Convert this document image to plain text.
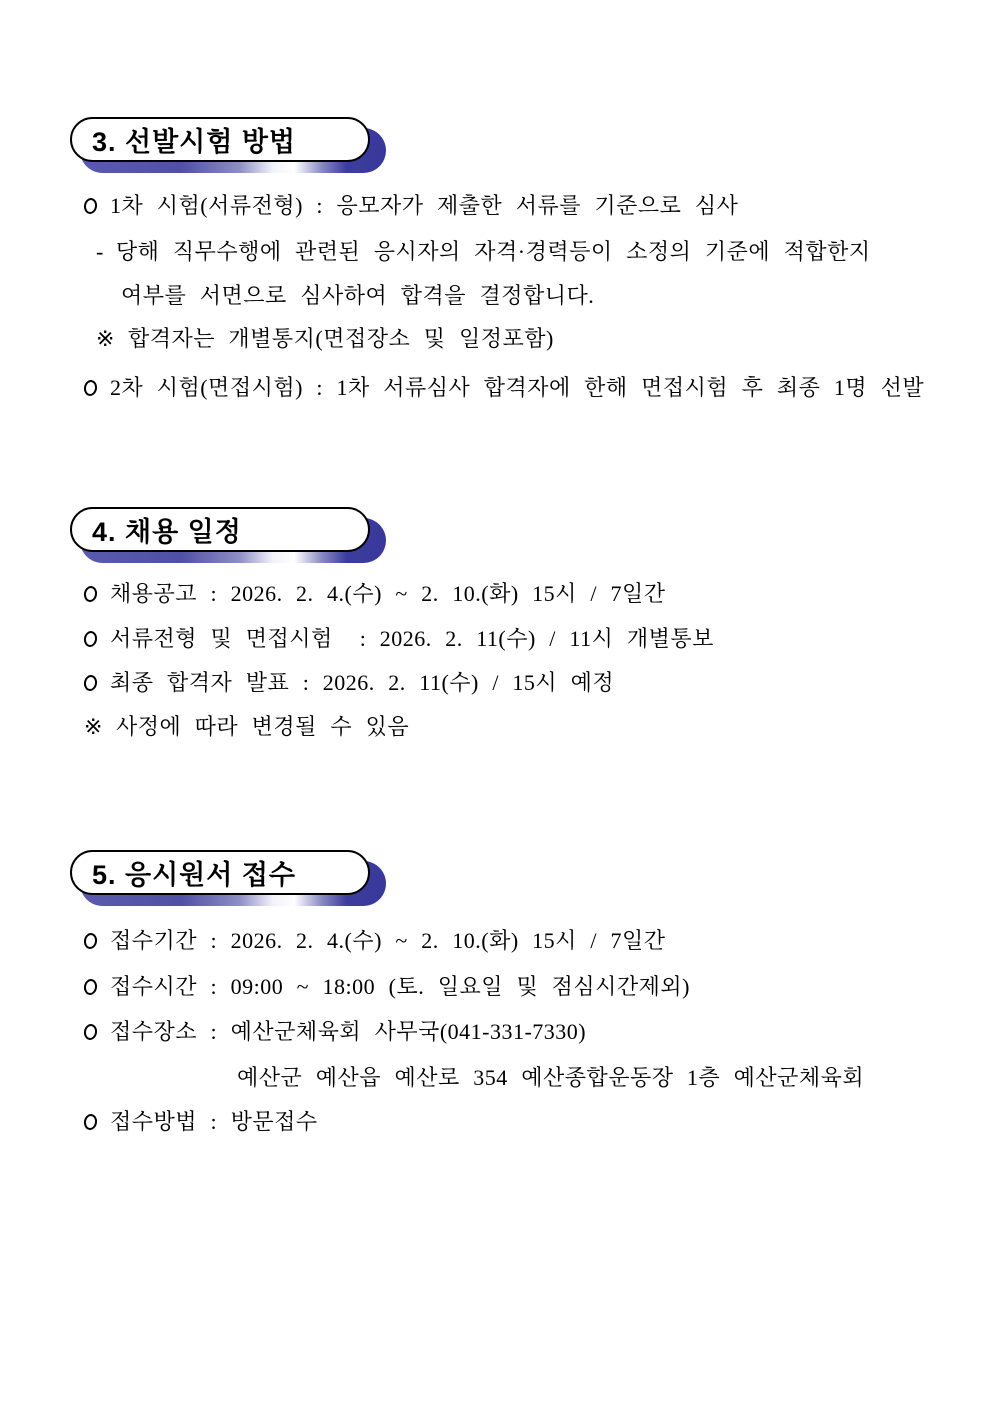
3. 선발시험 방법
1차 시험(서류전형) : 응모자가 제출한 서류를 기준으로 심사
- 당해 직무수행에 관련된 응시자의 자격·경력등이 소정의 기준에 적합한지
여부를 서면으로 심사하여 합격을 결정합니다.
※ 합격자는 개별통지(면접장소 및 일정포함)
2차 시험(면접시험) : 1차 서류심사 합격자에 한해 면접시험 후 최종 1명 선발
4. 채용 일정
채용공고 : 2026. 2. 4.(수) ~ 2. 10.(화) 15시 / 7일간
서류전형 및 면접시험  : 2026. 2. 11(수) / 11시 개별통보
최종 합격자 발표 : 2026. 2. 11(수) / 15시 예정
※ 사정에 따라 변경될 수 있음
5. 응시원서 접수
접수기간 : 2026. 2. 4.(수) ~ 2. 10.(화) 15시 / 7일간
접수시간 : 09:00 ~ 18:00 (토. 일요일 및 점심시간제외)
접수장소 : 예산군체육회 사무국(041-331-7330)
예산군 예산읍 예산로 354 예산종합운동장 1층 예산군체육회
접수방법 : 방문접수
